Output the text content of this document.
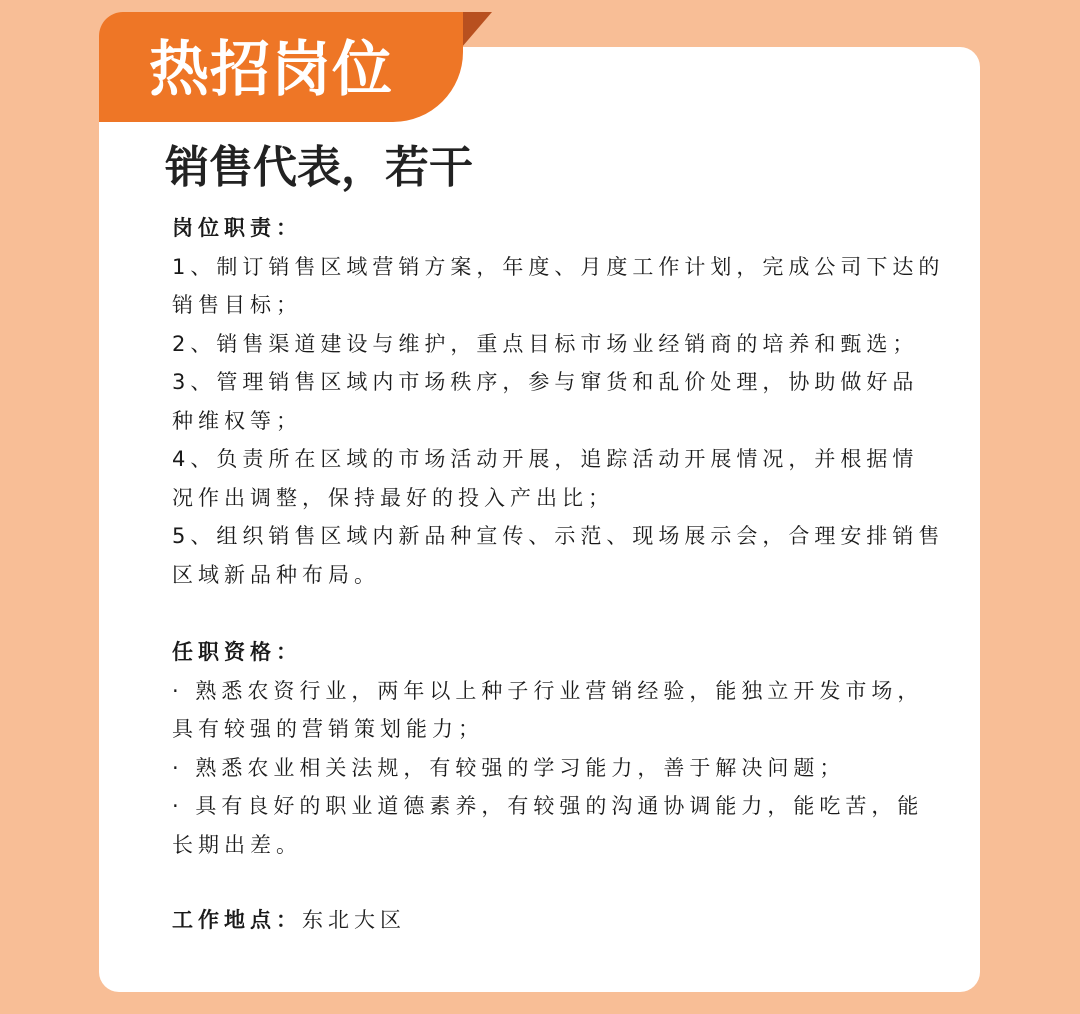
热招岗位
销售代表，若干
岗位职责：
1、制订销售区域营销方案，年度、月度工作计划，完成公司下达的
销售目标；
2、销售渠道建设与维护，重点目标市场业经销商的培养和甄选；
3、管理销售区域内市场秩序，参与窜货和乱价处理，协助做好品
种维权等；
4、负责所在区域的市场活动开展，追踪活动开展情况，并根据情
况作出调整，保持最好的投入产出比；
5、组织销售区域内新品种宣传、示范、现场展示会，合理安排销售
区域新品种布局。
任职资格：
· 熟悉农资行业，两年以上种子行业营销经验，能独立开发市场，
具有较强的营销策划能力；
· 熟悉农业相关法规，有较强的学习能力，善于解决问题；
· 具有良好的职业道德素养，有较强的沟通协调能力，能吃苦，能
长期出差。
工作地点：东北大区
